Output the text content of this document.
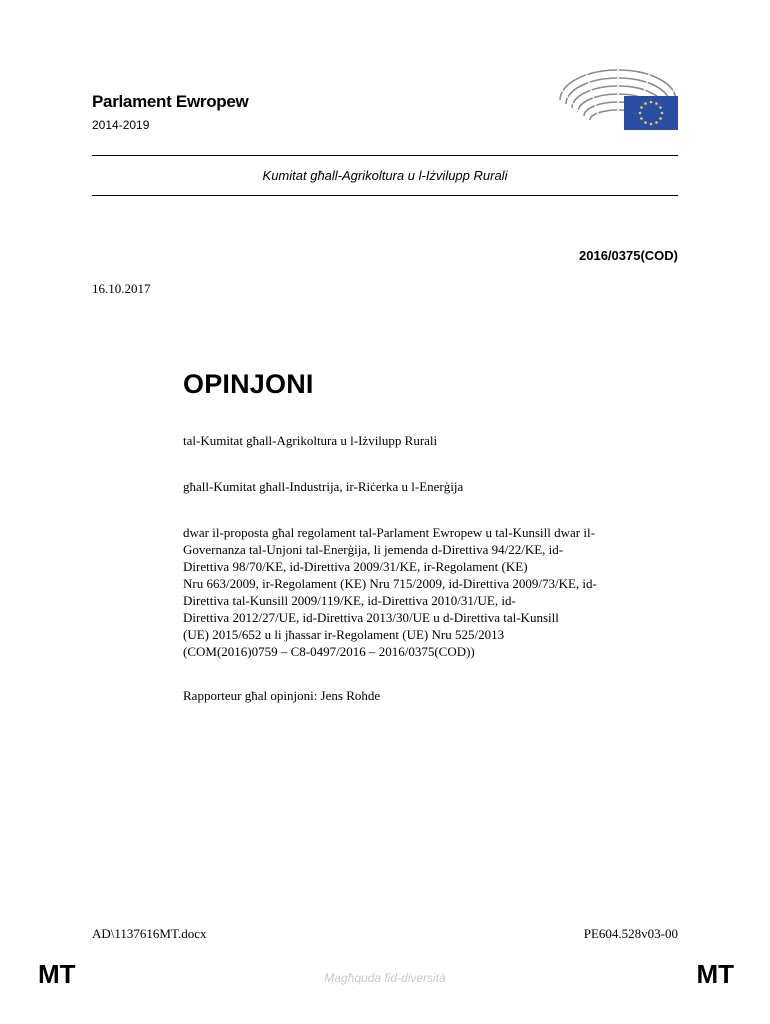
Parlament Ewropew
2014-2019
Kumitat għall-Agrikoltura u l-Iżvilupp Rurali
2016/0375(COD)
16.10.2017
OPINJONI
tal-Kumitat għall-Agrikoltura u l-Iżvilupp Rurali
għall-Kumitat għall-Industrija, ir-Riċerka u l-Enerġija
dwar il-proposta għal regolament tal-Parlament Ewropew u tal-Kunsill dwar il-
Governanza tal-Unjoni tal-Enerġija, li jemenda d-Direttiva 94/22/KE, id-
Direttiva 98/70/KE, id-Direttiva 2009/31/KE, ir-Regolament (KE)
Nru 663/2009, ir-Regolament (KE) Nru 715/2009, id-Direttiva 2009/73/KE, id-
Direttiva tal-Kunsill 2009/119/KE, id-Direttiva 2010/31/UE, id-
Direttiva 2012/27/UE, id-Direttiva 2013/30/UE u d-Direttiva tal-Kunsill
(UE) 2015/652 u li jħassar ir-Regolament (UE) Nru 525/2013
(COM(2016)0759 – C8-0497/2016 – 2016/0375(COD))
Rapporteur għal opinjoni: Jens Rohde
AD\1137616MT.docx	PE604.528v03-00
MT	Magħquda fid-diversità	MT
